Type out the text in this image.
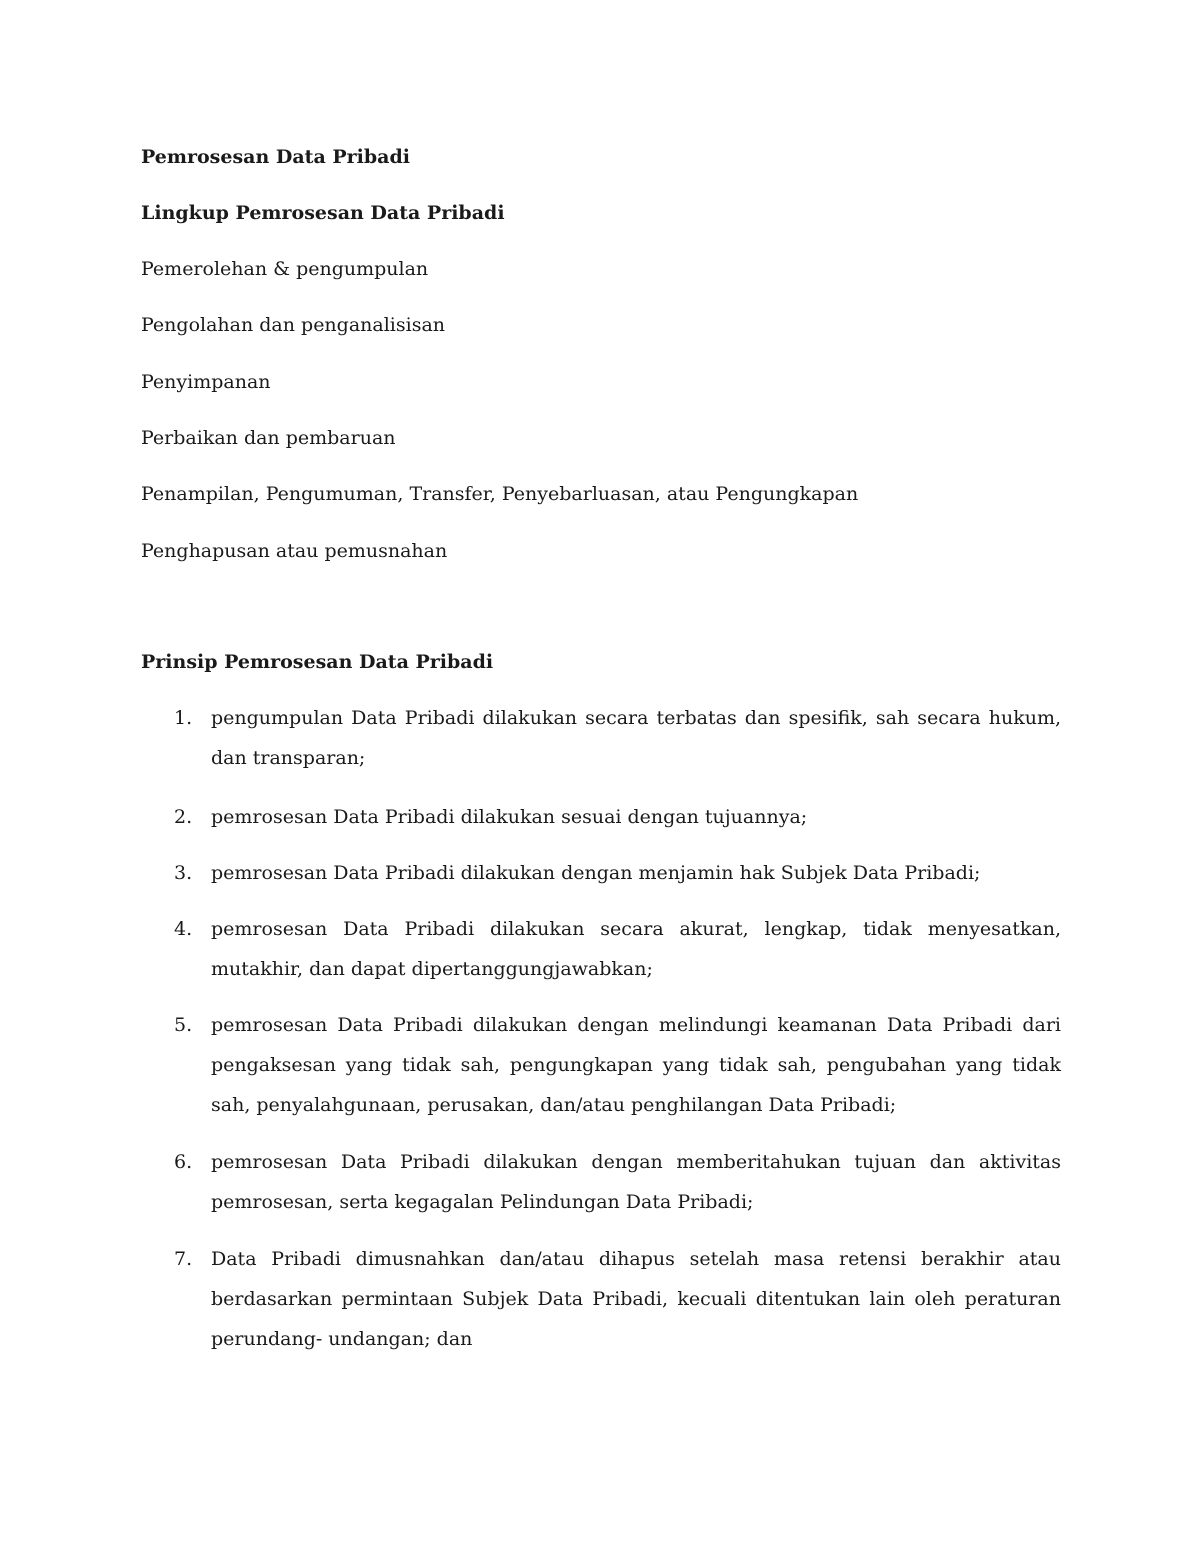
Pemrosesan Data Pribadi
Lingkup Pemrosesan Data Pribadi
Pemerolehan & pengumpulan
Pengolahan dan penganalisisan
Penyimpanan
Perbaikan dan pembaruan
Penampilan, Pengumuman, Transfer, Penyebarluasan, atau Pengungkapan
Penghapusan atau pemusnahan
Prinsip Pemrosesan Data Pribadi
1. pengumpulan Data Pribadi dilakukan secara terbatas dan spesifik, sah secara hukum, dan transparan;
2. pemrosesan Data Pribadi dilakukan sesuai dengan tujuannya;
3. pemrosesan Data Pribadi dilakukan dengan menjamin hak Subjek Data Pribadi;
4. pemrosesan Data Pribadi dilakukan secara akurat, lengkap, tidak menyesatkan, mutakhir, dan dapat dipertanggungjawabkan;
5. pemrosesan Data Pribadi dilakukan dengan melindungi keamanan Data Pribadi dari pengaksesan yang tidak sah, pengungkapan yang tidak sah, pengubahan yang tidak sah, penyalahgunaan, perusakan, dan/atau penghilangan Data Pribadi;
6. pemrosesan Data Pribadi dilakukan dengan memberitahukan tujuan dan aktivitas pemrosesan, serta kegagalan Pelindungan Data Pribadi;
7. Data Pribadi dimusnahkan dan/atau dihapus setelah masa retensi berakhir atau berdasarkan permintaan Subjek Data Pribadi, kecuali ditentukan lain oleh peraturan perundang- undangan; dan
